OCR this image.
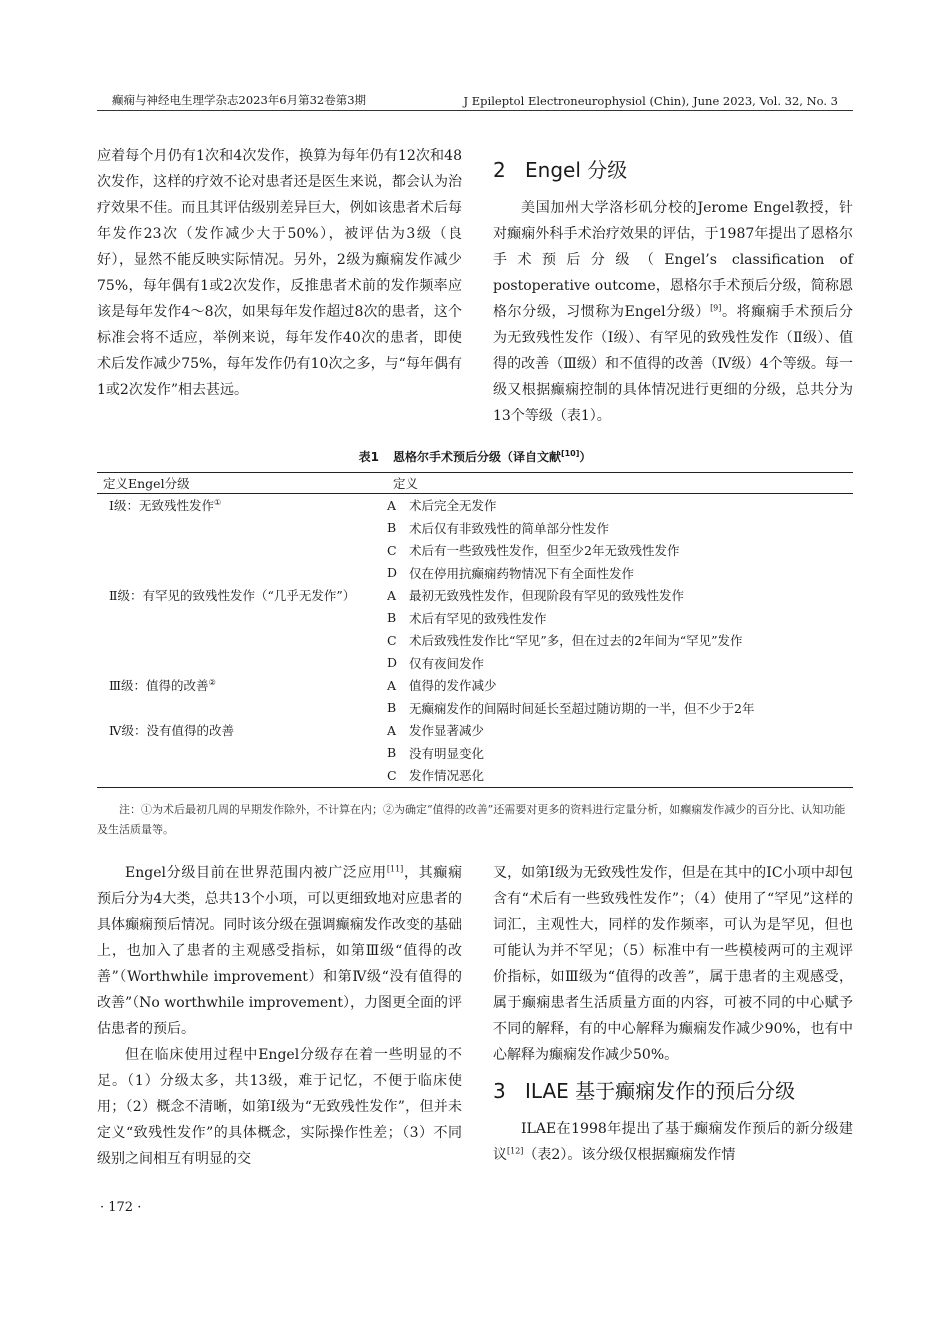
癫痫与神经电生理学杂志2023年6月第32卷第3期	J Epileptol Electroneurophysiol (Chin), June 2023, Vol. 32, No. 3

应着每个月仍有1次和4次发作，换算为每年仍有12次和48次发作，这样的疗效不论对患者还是医生来说，都会认为治疗效果不佳。而且其评估级别差异巨大，例如该患者术后每年发作23次（发作减少大于50%），被评估为3级（良好），显然不能反映实际情况。另外，2级为癫痫发作减少75%，每年偶有1或2次发作，反推患者术前的发作频率应该是每年发作4～8次，如果每年发作超过8次的患者，这个标准会将不适应，举例来说，每年发作40次的患者，即使术后发作减少75%，每年发作仍有10次之多，与“每年偶有1或2次发作”相去甚远。

2 Engel 分级

美国加州大学洛杉矶分校的Jerome Engel教授，针对癫痫外科手术治疗效果的评估，于1987年提出了恩格尔手术预后分级（Engel’s classification of postoperative outcome，恩格尔手术预后分级，简称恩格尔分级，习惯称为Engel分级）[9]。将癫痫手术预后分为无致残性发作（Ⅰ级）、有罕见的致残性发作（Ⅱ级）、值得的改善（Ⅲ级）和不值得的改善（Ⅳ级）4个等级。每一级又根据癫痫控制的具体情况进行更细的分级，总共分为13个等级（表1）。

表1 恩格尔手术预后分级（译自文献[10]）
定义Engel分级	定义	
Ⅰ级：无致残性发作①	A	术后完全无发作
	B	术后仅有非致残性的简单部分性发作
	C	术后有一些致残性发作，但至少2年无致残性发作
	D	仅在停用抗癫痫药物情况下有全面性发作
Ⅱ级：有罕见的致残性发作（“几乎无发作”）	A	最初无致残性发作，但现阶段有罕见的致残性发作
	B	术后有罕见的致残性发作
	C	术后致残性发作比“罕见”多，但在过去的2年间为“罕见”发作
	D	仅有夜间发作
Ⅲ级：值得的改善②	A	值得的发作减少
	B	无癫痫发作的间隔时间延长至超过随访期的一半，但不少于2年
Ⅳ级：没有值得的改善	A	发作显著减少
	B	没有明显变化
	C	发作情况恶化
注：①为术后最初几周的早期发作除外，不计算在内；②为确定“值得的改善”还需要对更多的资料进行定量分析，如癫痫发作减少的百分比、认知功能及生活质量等。

Engel分级目前在世界范围内被广泛应用[11]，其癫痫预后分为4大类，总共13个小项，可以更细致地对应患者的具体癫痫预后情况。同时该分级在强调癫痫发作改变的基础上，也加入了患者的主观感受指标，如第Ⅲ级“值得的改善”（Worthwhile improvement）和第Ⅳ级“没有值得的改善”（No worthwhile improvement），力图更全面的评估患者的预后。

但在临床使用过程中Engel分级存在着一些明显的不足。（1）分级太多，共13级，难于记忆，不便于临床使用；（2）概念不清晰，如第Ⅰ级为“无致残性发作”，但并未定义“致残性发作”的具体概念，实际操作性差；（3）不同级别之间相互有明显的交

叉，如第Ⅰ级为无致残性发作，但是在其中的ⅠC小项中却包含有“术后有一些致残性发作”；（4）使用了“罕见”这样的词汇，主观性大，同样的发作频率，可认为是罕见，但也可能认为并不罕见；（5）标准中有一些模棱两可的主观评价指标，如Ⅲ级为“值得的改善”，属于患者的主观感受，属于癫痫患者生活质量方面的内容，可被不同的中心赋予不同的解释，有的中心解释为癫痫发作减少90%，也有中心解释为癫痫发作减少50%。

3 ILAE 基于癫痫发作的预后分级

ILAE在1998年提出了基于癫痫发作预后的新分级建议[12]（表2）。该分级仅根据癫痫发作情

· 172 ·
